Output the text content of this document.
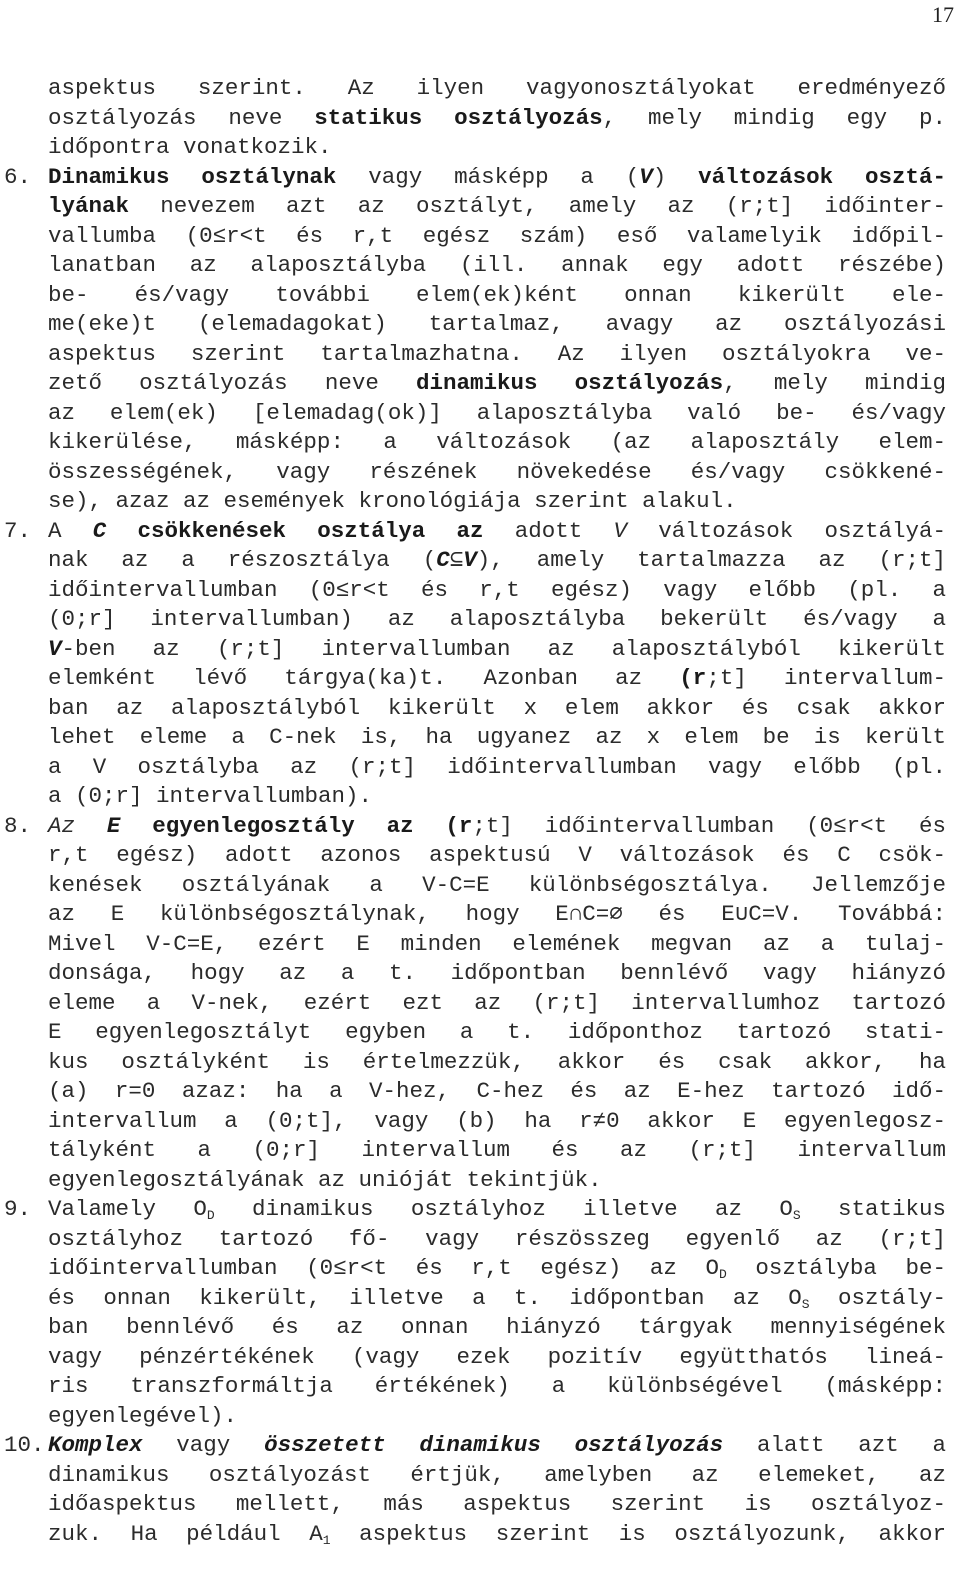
17
aspektus szerint. Az ilyen vagyonosztályokat eredményező
osztályozás neve statikus osztályozás, mely mindig egy p.
időpontra vonatkozik.
6. Dinamikus osztálynak vagy másképp a (V) változások osztá-
lyának nevezem azt az osztályt, amely az (r;t] időinter-
vallumba (0≤r<t és r,t egész szám) eső valamelyik időpil-
lanatban az alaposztályba (ill. annak egy adott részébe)
be- és/vagy további elem(ek)ként onnan kikerült ele-
me(eke)t (elemadagokat) tartalmaz, avagy az osztályozási
aspektus szerint tartalmazhatna. Az ilyen osztályokra ve-
zető osztályozás neve dinamikus osztályozás, mely mindig
az elem(ek) [elemadag(ok)] alaposztályba való be- és/vagy
kikerülése, másképp: a változások (az alaposztály elem-
összességének, vagy részének növekedése és/vagy csökkené-
se), azaz az események kronológiája szerint alakul.
7. A C csökkenések osztálya az adott V változások osztályá-
nak az a részosztálya (C⊆V), amely tartalmazza az (r;t]
időintervallumban (0≤r<t és r,t egész) vagy előbb (pl. a
(0;r] intervallumban) az alaposztályba bekerült és/vagy a
V-ben az (r;t] intervallumban az alaposztályból kikerült
elemként lévő tárgya(ka)t. Azonban az (r;t] intervallum-
ban az alaposztályból kikerült x elem akkor és csak akkor
lehet eleme a C-nek is, ha ugyanez az x elem be is került
a V osztályba az (r;t] időintervallumban vagy előbb (pl.
a (0;r] intervallumban).
8. Az E egyenlegosztály az (r;t] időintervallumban (0≤r<t és
r,t egész) adott azonos aspektusú V változások és C csök-
kenések osztályának a V-C=E különbségosztálya. Jellemzője
az E különbségosztálynak, hogy E∩C=∅ és E∪C=V. Továbbá:
Mivel V-C=E, ezért E minden elemének megvan az a tulaj-
donsága, hogy az a t. időpontban bennlévő vagy hiányzó
eleme a V-nek, ezért ezt az (r;t] intervallumhoz tartozó
E egyenlegosztályt egyben a t. időponthoz tartozó stati-
kus osztályként is értelmezzük, akkor és csak akkor, ha
(a) r=0 azaz: ha a V-hez, C-hez és az E-hez tartozó idő-
intervallum a (0;t], vagy (b) ha r≠0 akkor E egyenlegosz-
tályként a (0;r] intervallum és az (r;t] intervallum
egyenlegosztályának az unióját tekintjük.
9. Valamely $O_D$ dinamikus osztályhoz illetve az $O_S$ statikus
osztályhoz tartozó fő- vagy részösszeg egyenlő az (r;t]
időintervallumban (0≤r<t és r,t egész) az $O_D$ osztályba be-
és onnan kikerült, illetve a t. időpontban az $O_S$ osztály-
ban bennlévő és az onnan hiányzó tárgyak mennyiségének
vagy pénzértékének (vagy ezek pozitív együtthatós lineá-
ris transzformáltja értékének) a különbségével (másképp:
egyenlegével).
10. Komplex vagy összetett dinamikus osztályozás alatt azt a
dinamikus osztályozást értjük, amelyben az elemeket, az
időaspektus mellett, más aspektus szerint is osztályoz-
zuk. Ha például $A_1$ aspektus szerint is osztályozunk, akkor
